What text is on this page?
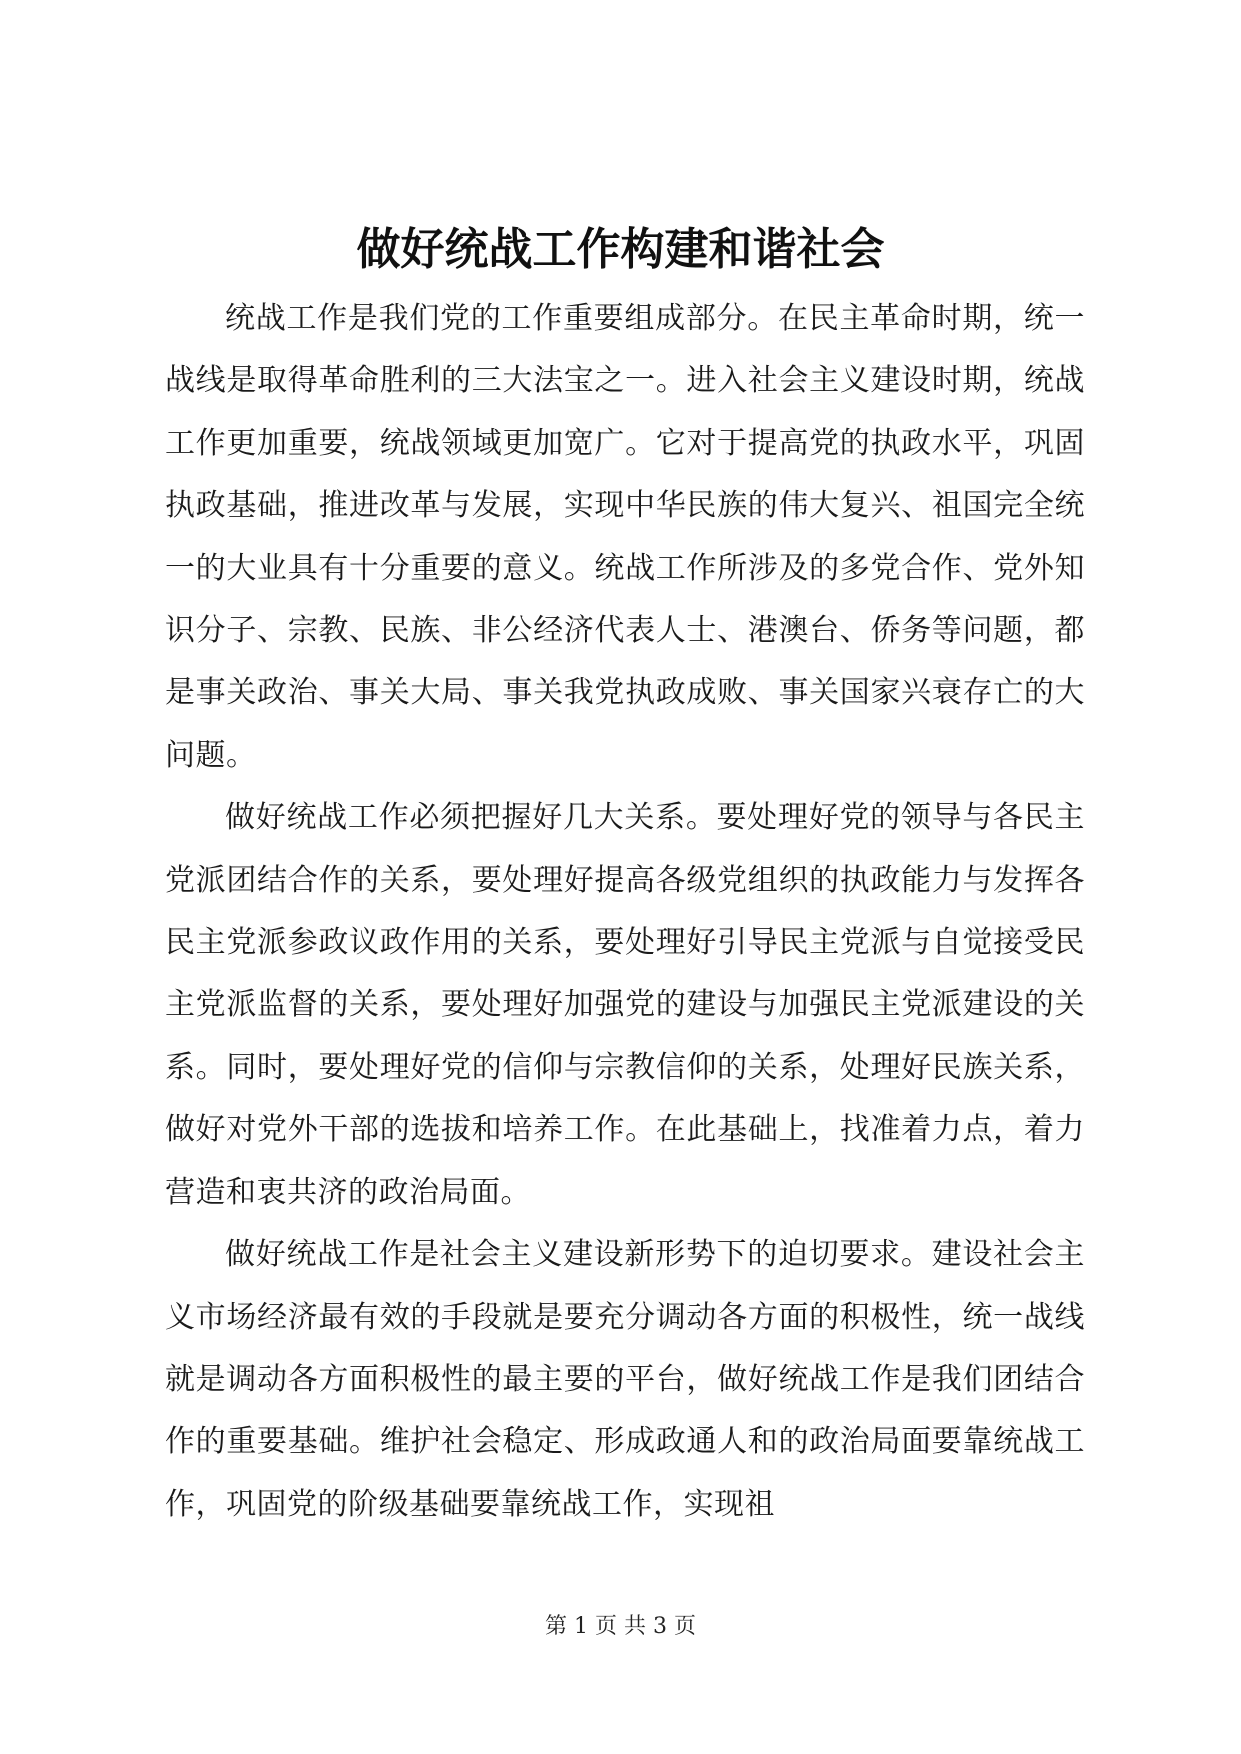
做好统战工作构建和谐社会

统战工作是我们党的工作重要组成部分。在民主革命时期，统一战线是取得革命胜利的三大法宝之一。进入社会主义建设时期，统战工作更加重要，统战领域更加宽广。它对于提高党的执政水平，巩固执政基础，推进改革与发展，实现中华民族的伟大复兴、祖国完全统一的大业具有十分重要的意义。统战工作所涉及的多党合作、党外知识分子、宗教、民族、非公经济代表人士、港澳台、侨务等问题，都是事关政治、事关大局、事关我党执政成败、事关国家兴衰存亡的大问题。

做好统战工作必须把握好几大关系。要处理好党的领导与各民主党派团结合作的关系，要处理好提高各级党组织的执政能力与发挥各民主党派参政议政作用的关系，要处理好引导民主党派与自觉接受民主党派监督的关系，要处理好加强党的建设与加强民主党派建设的关系。同时，要处理好党的信仰与宗教信仰的关系，处理好民族关系，做好对党外干部的选拔和培养工作。在此基础上，找准着力点，着力营造和衷共济的政治局面。

做好统战工作是社会主义建设新形势下的迫切要求。建设社会主义市场经济最有效的手段就是要充分调动各方面的积极性，统一战线就是调动各方面积极性的最主要的平台，做好统战工作是我们团结合作的重要基础。维护社会稳定、形成政通人和的政治局面要靠统战工作，巩固党的阶级基础要靠统战工作，实现祖

第 1 页 共 3 页
